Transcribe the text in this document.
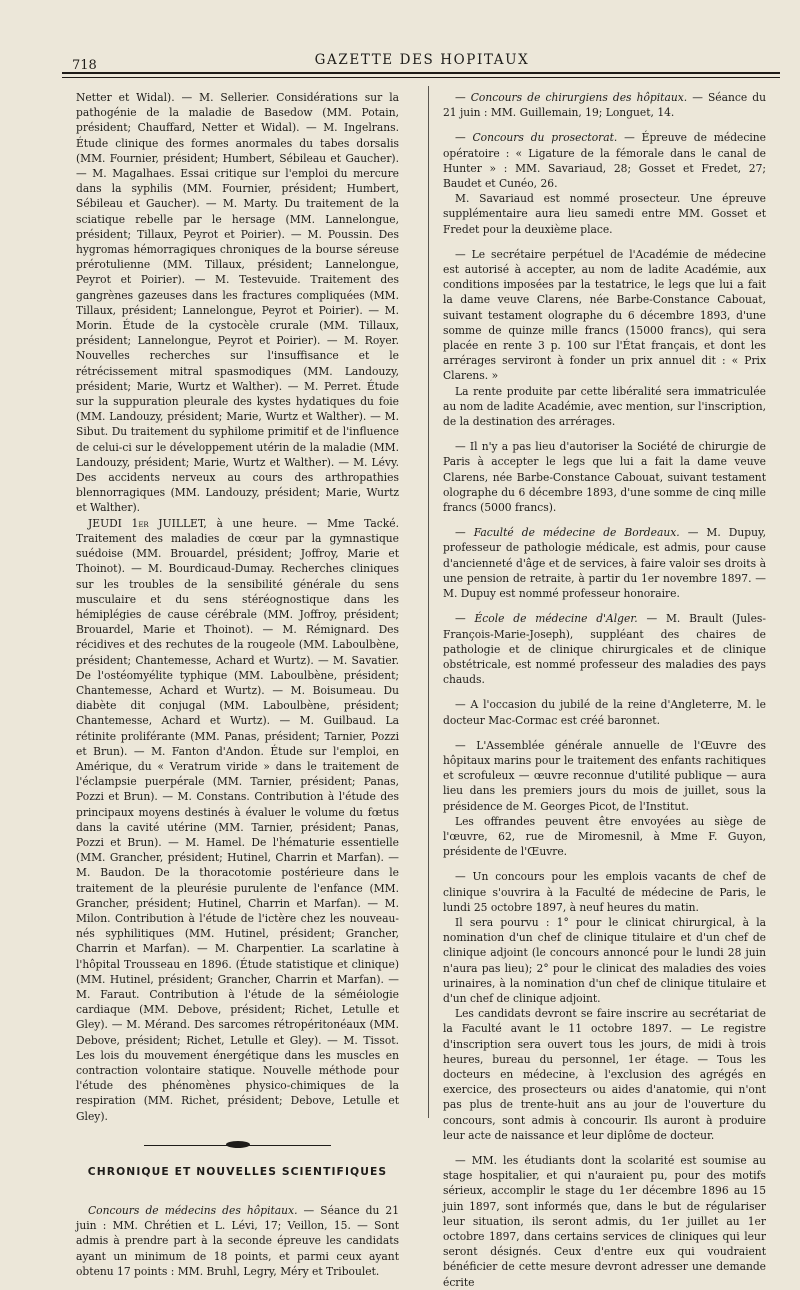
718	GAZETTE DES HOPITAUX

Netter et Widal). — M. Sellerier. Considérations sur la pathogénie de la maladie de Basedow (MM. Potain, président; Chauffard, Netter et Widal). — M. Ingelrans. Étude clinique des formes anormales du tabes dorsalis (MM. Fournier, président; Humbert, Sébileau et Gaucher). — M. Magalhaes. Essai critique sur l'emploi du mercure dans la syphilis (MM. Fournier, président; Humbert, Sébileau et Gaucher). — M. Marty. Du traitement de la sciatique rebelle par le hersage (MM. Lannelongue, président; Tillaux, Peyrot et Poirier). — M. Poussin. Des hygromas hémorragiques chroniques de la bourse séreuse prérotulienne (MM. Tillaux, président; Lannelongue, Peyrot et Poirier). — M. Testevuide. Traitement des gangrènes gazeuses dans les fractures compliquées (MM. Tillaux, président; Lannelongue, Peyrot et Poirier). — M. Morin. Étude de la cystocèle crurale (MM. Tillaux, président; Lannelongue, Peyrot et Poirier). — M. Royer. Nouvelles recherches sur l'insuffisance et le rétrécissement mitral spasmodiques (MM. Landouzy, président; Marie, Wurtz et Walther). — M. Perret. Étude sur la suppuration pleurale des kystes hydatiques du foie (MM. Landouzy, président; Marie, Wurtz et Walther). — M. Sibut. Du traitement du syphilome primitif et de l'influence de celui-ci sur le développement utérin de la maladie (MM. Landouzy, président; Marie, Wurtz et Walther). — M. Lévy. Des accidents nerveux au cours des arthropathies blennorragiques (MM. Landouzy, président; Marie, Wurtz et Walther).

JEUDI 1er JUILLET, à une heure. — Mme Tacké. Traitement des maladies de cœur par la gymnastique suédoise (MM. Brouardel, président; Joffroy, Marie et Thoinot). — M. Bourdicaud-Dumay. Recherches cliniques sur les troubles de la sensibilité générale du sens musculaire et du sens stéréognostique dans les hémiplégies de cause cérébrale (MM. Joffroy, président; Brouardel, Marie et Thoinot). — M. Rémignard. Des récidives et des rechutes de la rougeole (MM. Laboulbène, président; Chantemesse, Achard et Wurtz). — M. Savatier. De l'ostéomyélite typhique (MM. Laboulbène, président; Chantemesse, Achard et Wurtz). — M. Boisumeau. Du diabète dit conjugal (MM. Laboulbène, président; Chantemesse, Achard et Wurtz). — M. Guilbaud. La rétinite proliférante (MM. Panas, président; Tarnier, Pozzi et Brun). — M. Fanton d'Andon. Étude sur l'emploi, en Amérique, du « Veratrum viride » dans le traitement de l'éclampsie puerpérale (MM. Tarnier, président; Panas, Pozzi et Brun). — M. Constans. Contribution à l'étude des principaux moyens destinés à évaluer le volume du fœtus dans la cavité utérine (MM. Tarnier, président; Panas, Pozzi et Brun). — M. Hamel. De l'hématurie essentielle (MM. Grancher, président; Hutinel, Charrin et Marfan). — M. Baudon. De la thoracotomie postérieure dans le traitement de la pleurésie purulente de l'enfance (MM. Grancher, président; Hutinel, Charrin et Marfan). — M. Milon. Contribution à l'étude de l'ictère chez les nouveau-nés syphilitiques (MM. Hutinel, président; Grancher, Charrin et Marfan). — M. Charpentier. La scarlatine à l'hôpital Trousseau en 1896. (Étude statistique et clinique) (MM. Hutinel, président; Grancher, Charrin et Marfan). — M. Faraut. Contribution à l'étude de la séméiologie cardiaque (MM. Debove, président; Richet, Letulle et Gley). — M. Mérand. Des sarcomes rétropéritonéaux (MM. Debove, président; Richet, Letulle et Gley). — M. Tissot. Les lois du mouvement énergétique dans les muscles en contraction volontaire statique. Nouvelle méthode pour l'étude des phénomènes physico-chimiques de la respiration (MM. Richet, président; Debove, Letulle et Gley).

CHRONIQUE ET NOUVELLES SCIENTIFIQUES

Concours de médecins des hôpitaux. — Séance du 21 juin : MM. Chrétien et L. Lévi, 17; Veillon, 15. — Sont admis à prendre part à la seconde épreuve les candidats ayant un minimum de 18 points, et parmi ceux ayant obtenu 17 points : MM. Bruhl, Legry, Méry et Triboulet.

— Concours de chirurgiens des hôpitaux. — Séance du 21 juin : MM. Guillemain, 19; Longuet, 14.

— Concours du prosectorat. — Épreuve de médecine opératoire : « Ligature de la fémorale dans le canal de Hunter » : MM. Savariaud, 28; Gosset et Fredet, 27; Baudet et Cunéo, 26.

M. Savariaud est nommé prosecteur. Une épreuve supplémentaire aura lieu samedi entre MM. Gosset et Fredet pour la deuxième place.

— Le secrétaire perpétuel de l'Académie de médecine est autorisé à accepter, au nom de ladite Académie, aux conditions imposées par la testatrice, le legs que lui a fait la dame veuve Clarens, née Barbe-Constance Cabouat, suivant testament olographe du 6 décembre 1893, d'une somme de quinze mille francs (15000 francs), qui sera placée en rente 3 p. 100 sur l'État français, et dont les arrérages serviront à fonder un prix annuel dit : « Prix Clarens. »

La rente produite par cette libéralité sera immatriculée au nom de ladite Académie, avec mention, sur l'inscription, de la destination des arrérages.

— Il n'y a pas lieu d'autoriser la Société de chirurgie de Paris à accepter le legs que lui a fait la dame veuve Clarens, née Barbe-Constance Cabouat, suivant testament olographe du 6 décembre 1893, d'une somme de cinq mille francs (5000 francs).

— Faculté de médecine de Bordeaux. — M. Dupuy, professeur de pathologie médicale, est admis, pour cause d'ancienneté d'âge et de services, à faire valoir ses droits à une pension de retraite, à partir du 1er novembre 1897. — M. Dupuy est nommé professeur honoraire.

— École de médecine d'Alger. — M. Brault (Jules-François-Marie-Joseph), suppléant des chaires de pathologie et de clinique chirurgicales et de clinique obstétricale, est nommé professeur des maladies des pays chauds.

— A l'occasion du jubilé de la reine d'Angleterre, M. le docteur Mac-Cormac est créé baronnet.

— L'Assemblée générale annuelle de l'Œuvre des hôpitaux marins pour le traitement des enfants rachitiques et scrofuleux — œuvre reconnue d'utilité publique — aura lieu dans les premiers jours du mois de juillet, sous la présidence de M. Georges Picot, de l'Institut.

Les offrandes peuvent être envoyées au siège de l'œuvre, 62, rue de Miromesnil, à Mme F. Guyon, présidente de l'Œuvre.

— Un concours pour les emplois vacants de chef de clinique s'ouvrira à la Faculté de médecine de Paris, le lundi 25 octobre 1897, à neuf heures du matin.

Il sera pourvu : 1° pour le clinicat chirurgical, à la nomination d'un chef de clinique titulaire et d'un chef de clinique adjoint (le concours annoncé pour le lundi 28 juin n'aura pas lieu); 2° pour le clinicat des maladies des voies urinaires, à la nomination d'un chef de clinique titulaire et d'un chef de clinique adjoint.

Les candidats devront se faire inscrire au secrétariat de la Faculté avant le 11 octobre 1897. — Le registre d'inscription sera ouvert tous les jours, de midi à trois heures, bureau du personnel, 1er étage. — Tous les docteurs en médecine, à l'exclusion des agrégés en exercice, des prosecteurs ou aides d'anatomie, qui n'ont pas plus de trente-huit ans au jour de l'ouverture du concours, sont admis à concourir. Ils auront à produire leur acte de naissance et leur diplôme de docteur.

— MM. les étudiants dont la scolarité est soumise au stage hospitalier, et qui n'auraient pu, pour des motifs sérieux, accomplir le stage du 1er décembre 1896 au 15 juin 1897, sont informés que, dans le but de régulariser leur situation, ils seront admis, du 1er juillet au 1er octobre 1897, dans certains services de cliniques qui leur seront désignés. Ceux d'entre eux qui voudraient bénéficier de cette mesure devront adresser une demande écrite
